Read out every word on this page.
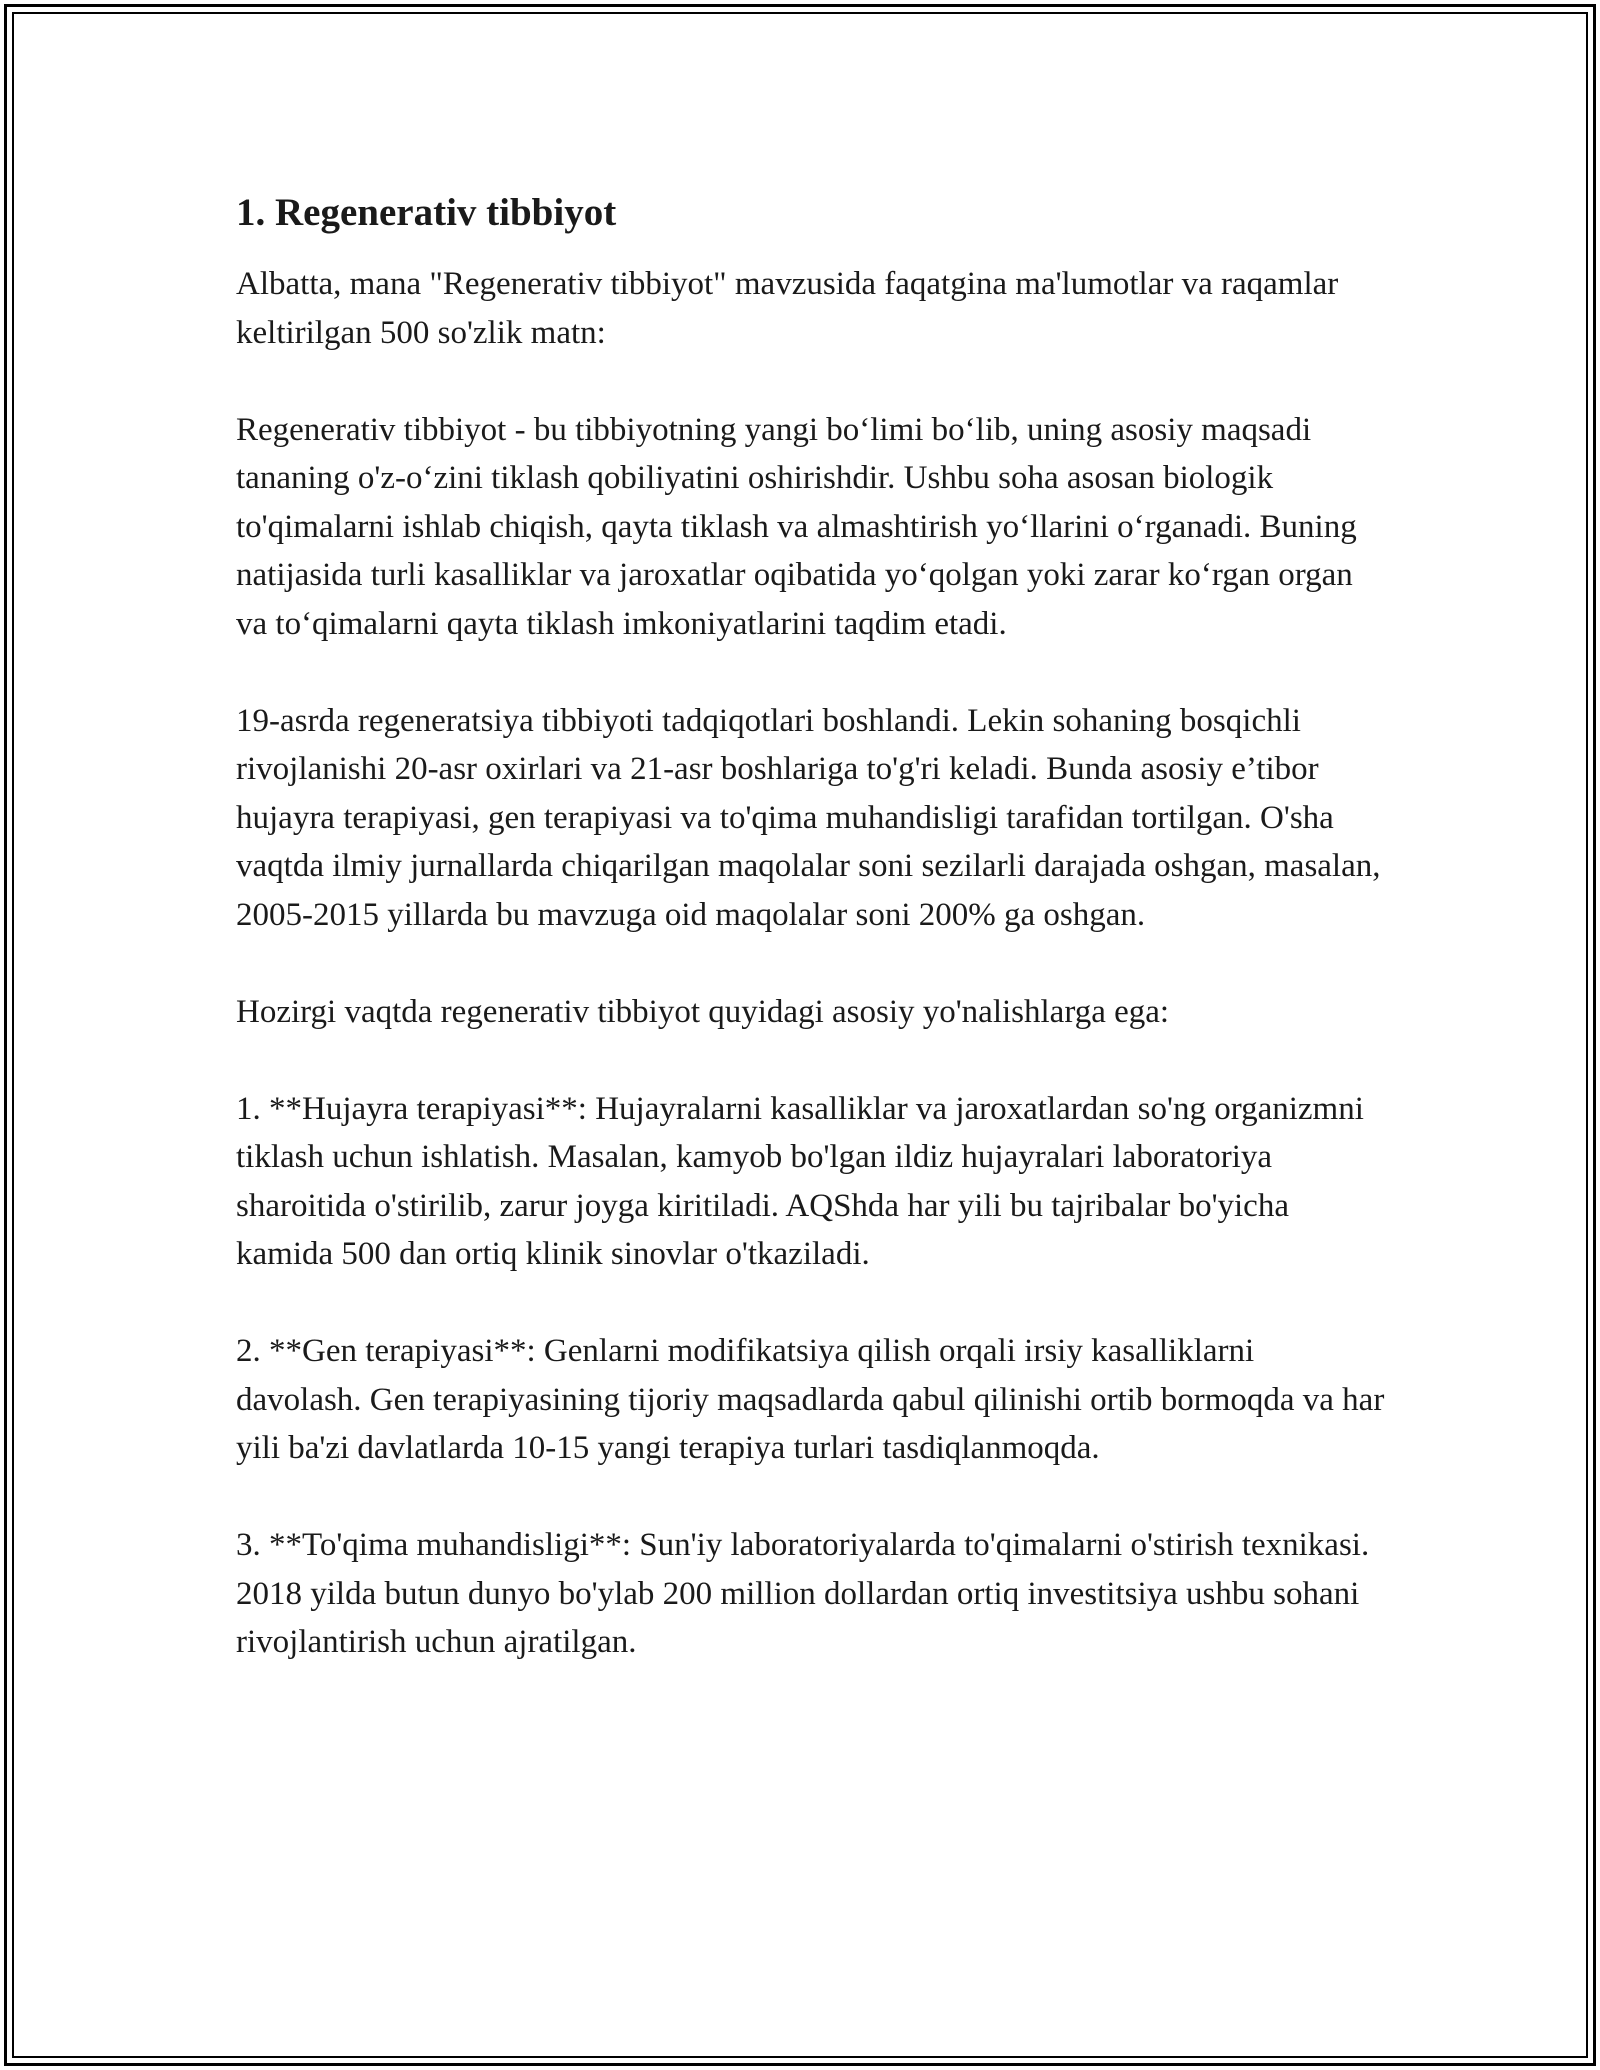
1. Regenerativ tibbiyot

Albatta, mana "Regenerativ tibbiyot" mavzusida faqatgina ma'lumotlar va raqamlar keltirilgan 500 so'zlik matn:

Regenerativ tibbiyot - bu tibbiyotning yangi boʻlimi boʻlib, uning asosiy maqsadi tananing o'z-oʻzini tiklash qobiliyatini oshirishdir. Ushbu soha asosan biologik to'qimalarni ishlab chiqish, qayta tiklash va almashtirish yoʻllarini oʻrganadi. Buning natijasida turli kasalliklar va jaroxatlar oqibatida yoʻqolgan yoki zarar koʻrgan organ va toʻqimalarni qayta tiklash imkoniyatlarini taqdim etadi.

19-asrda regeneratsiya tibbiyoti tadqiqotlari boshlandi. Lekin sohaning bosqichli rivojlanishi 20-asr oxirlari va 21-asr boshlariga to'g'ri keladi. Bunda asosiy e’tibor hujayra terapiyasi, gen terapiyasi va to'qima muhandisligi tarafidan tortilgan. O'sha vaqtda ilmiy jurnallarda chiqarilgan maqolalar soni sezilarli darajada oshgan, masalan, 2005-2015 yillarda bu mavzuga oid maqolalar soni 200% ga oshgan.

Hozirgi vaqtda regenerativ tibbiyot quyidagi asosiy yo'nalishlarga ega:

1. **Hujayra terapiyasi**: Hujayralarni kasalliklar va jaroxatlardan so'ng organizmni tiklash uchun ishlatish. Masalan, kamyob bo'lgan ildiz hujayralari laboratoriya sharoitida o'stirilib, zarur joyga kiritiladi. AQShda har yili bu tajribalar bo'yicha kamida 500 dan ortiq klinik sinovlar o'tkaziladi.

2. **Gen terapiyasi**: Genlarni modifikatsiya qilish orqali irsiy kasalliklarni davolash. Gen terapiyasining tijoriy maqsadlarda qabul qilinishi ortib bormoqda va har yili ba'zi davlatlarda 10-15 yangi terapiya turlari tasdiqlanmoqda.

3. **To'qima muhandisligi**: Sun'iy laboratoriyalarda to'qimalarni o'stirish texnikasi. 2018 yilda butun dunyo bo'ylab 200 million dollardan ortiq investitsiya ushbu sohani rivojlantirish uchun ajratilgan.
